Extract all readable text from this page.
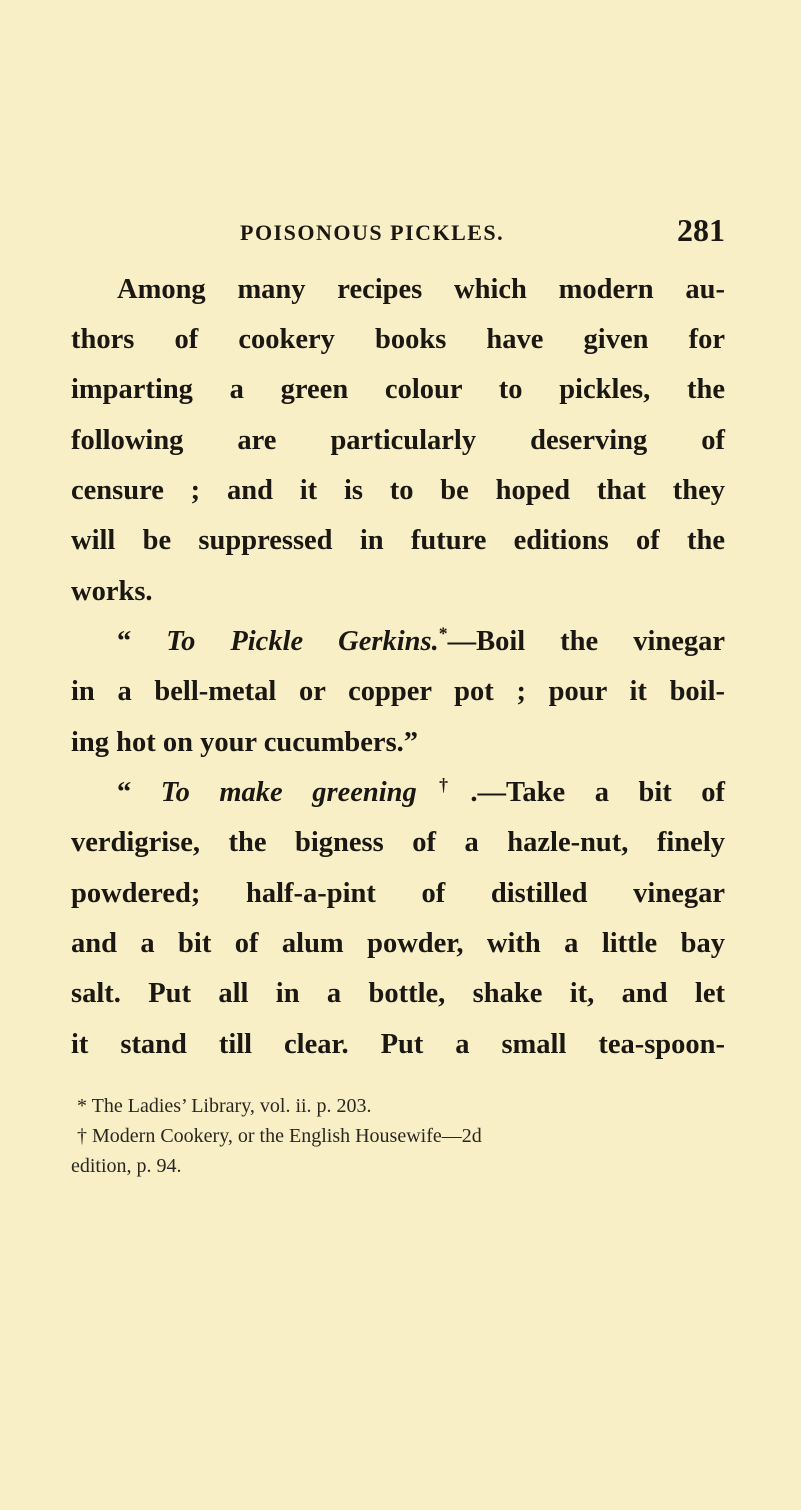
POISONOUS PICKLES.	281
Among many recipes which modern au-
thors of cookery books have given for
imparting a green colour to pickles, the
following are particularly deserving of
censure ; and it is to be hoped that they
will be suppressed in future editions of the
works.
“ To Pickle Gerkins.*—Boil the vinegar
in a bell-metal or copper pot ; pour it boil-
ing hot on your cucumbers.”
“ To make greening†.—Take a bit of
verdigrise, the bigness of a hazle-nut, finely
powdered; half-a-pint of distilled vinegar
and a bit of alum powder, with a little bay
salt. Put all in a bottle, shake it, and let
it stand till clear. Put a small tea-spoon-
* The Ladies’ Library, vol. ii. p. 203.
† Modern Cookery, or the English Housewife—2d
edition, p. 94.
